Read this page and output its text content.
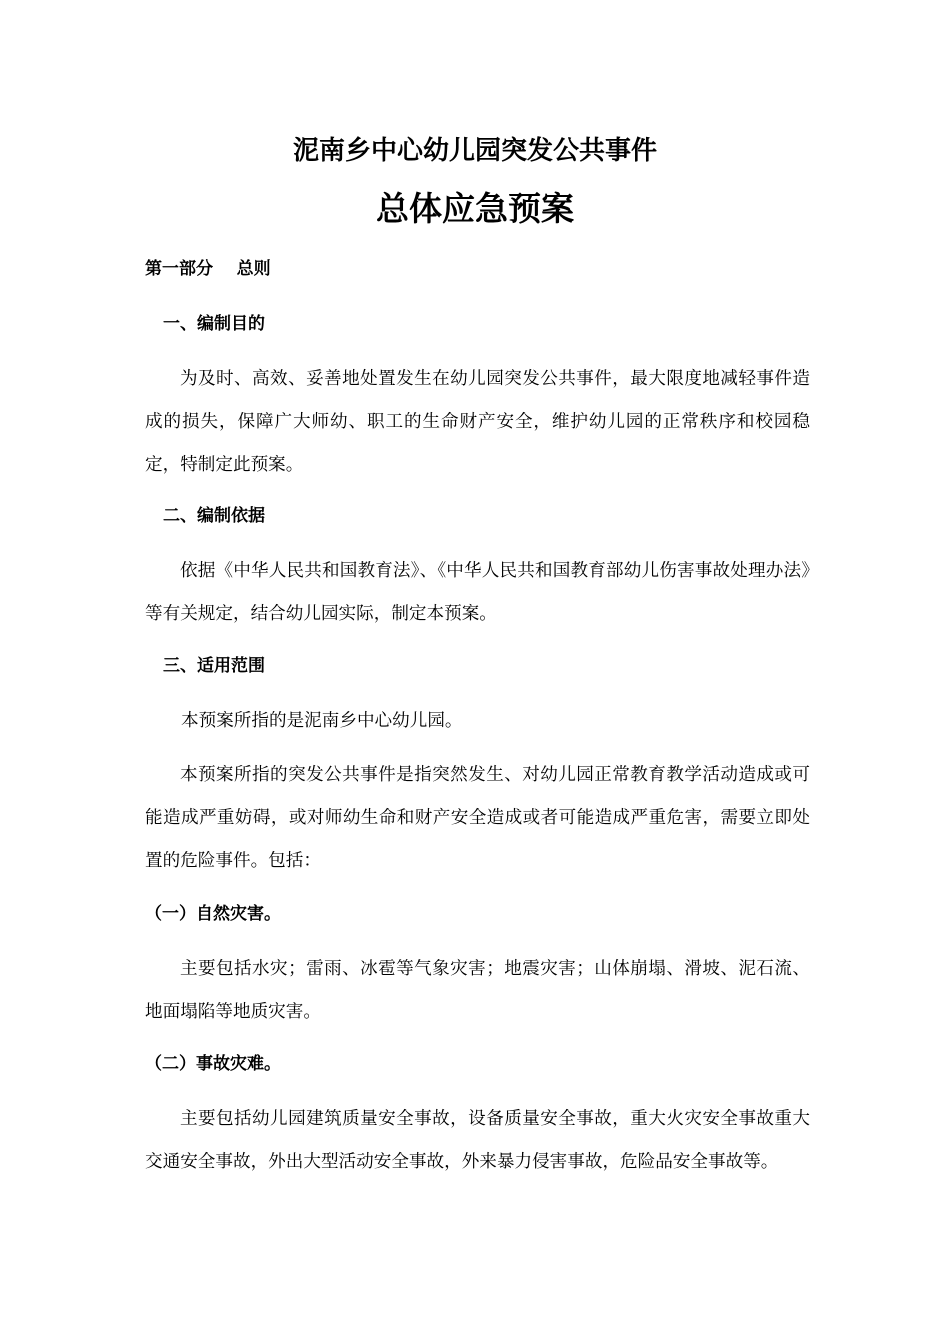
泥南乡中心幼儿园突发公共事件
总体应急预案
第一部分    总则
一、编制目的

为及时、高效、妥善地处置发生在幼儿园突发公共事件，最大限度地减轻事件造成的损失，保障广大师幼、职工的生命财产安全，维护幼儿园的正常秩序和校园稳定，特制定此预案。

二、编制依据

依据《中华人民共和国教育法》、《中华人民共和国教育部幼儿伤害事故处理办法》等有关规定，结合幼儿园实际，制定本预案。

三、适用范围
本预案所指的是泥南乡中心幼儿园。

本预案所指的突发公共事件是指突然发生、对幼儿园正常教育教学活动造成或可能造成严重妨碍，或对师幼生命和财产安全造成或者可能造成严重危害，需要立即处置的危险事件。包括：

（一）自然灾害。

主要包括水灾；雷雨、冰雹等气象灾害；地震灾害；山体崩塌、滑坡、泥石流、地面塌陷等地质灾害。

（二）事故灾难。

主要包括幼儿园建筑质量安全事故，设备质量安全事故，重大火灾安全事故重大交通安全事故，外出大型活动安全事故，外来暴力侵害事故，危险品安全事故等。
